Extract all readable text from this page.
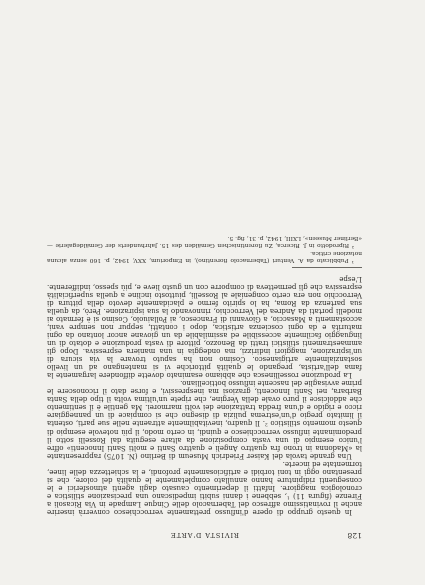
128
RIVISTA D'ARTE

In questo gruppo di opere d'influsso prettamente verrocchiesco converrà inserire anche il rovinatissimo affresco del Tabernacolo delle Cinque Lampade in Via Ricasoli a Firenze (figura 11) ¹, sebbene i danni subiti impediscano una precisazione stilistica e cronologica maggiore. Infatti il deperimento causato dagli agenti atmosferici e le conseguenti ridipinture hanno annullato completamente le qualità del colore, che si presentano oggi in toni torbidi e artificiosamente profondi, e la schiettezza delle linee, tormentate ed incerte.

Una grande tavola del Kaiser Friedrich Museum di Berlino (N. 1075) rappresentante la «Madonna in trono fra quattro Angeli e quattro Santi e molti Santi Innocenti» offre l'unico esempio di una vasta composizione da altare eseguita dal Rosselli sotto il predominante influsso verrocchiesco e quindi, in certo modo, il più notevole esempio di questo momento stilistico ². Il quadro, inevitabilmente attraente nelle sue parti, ostenta il limitato pregio d'un'estrema pulizia di disegno che si compiace di un panneggiare ricco e rigido e d'una fredda trattazione dei volti marmorei. Ma gentile è il sentimento che addolcisce il puro ovale della Vergine, che ripete un'ultima volta il tipo della Santa Barbara, nei Santi Innocenti, graziosi ma inespressivi, e forse dato il riconoscere le prime avvisaglie del nascente influsso botticelliano.

La produzione rossellinesca che abbiamo esaminato dovette diffondere largamente la fama dell'artista, pregando le qualità pittoriche vi si mantengano ad un livello sostanzialmente artigianesco. Cosimo non ha saputo trovare la via sicura di un'ispirazione, maggiori indirizzi, ma ondeggia in una maniera espressiva. Dopo gli ammaestramenti stilistici tratti da Benozzo, pittore di vasta produzione e dotato di un linguaggio facilmente accessibile ed assimilabile da un giovane ancor lontano da ogni maturità e da ogni coscienza artistica, dopo i contatti, seppur non sempre vani, accostamenti a Masaccio, a Giovanni di Francesco, ai Pollaiuolo, Cosimo si è fermato ai modelli portati da Andrea del Verrocchio, rinnovando la sua ispirazione. Però, da quella sua partenza da Roma, ha lo spirito fermo e placidamente devoto della pittura di Verrocchio non era certo congeniale al Rosselli, piuttosto incline a quella superficialità espressiva che gli permetteva di comporre con un gusto lieve e, più spesso, indifferente. L'espe

¹ Pubblicato da A. Venturi (Tabernacolo fiorentino), in Emporium, XXV, 1942, p. 160 senza alcuna notazione critica.

² Riprodotto in J. Ricerca, Zu florentinischen Gemälden des 15. Jahrhunderts der Gemäldegalerie — «Berliner Museen», LXIII, 1942, p. 31, fig. 5.
